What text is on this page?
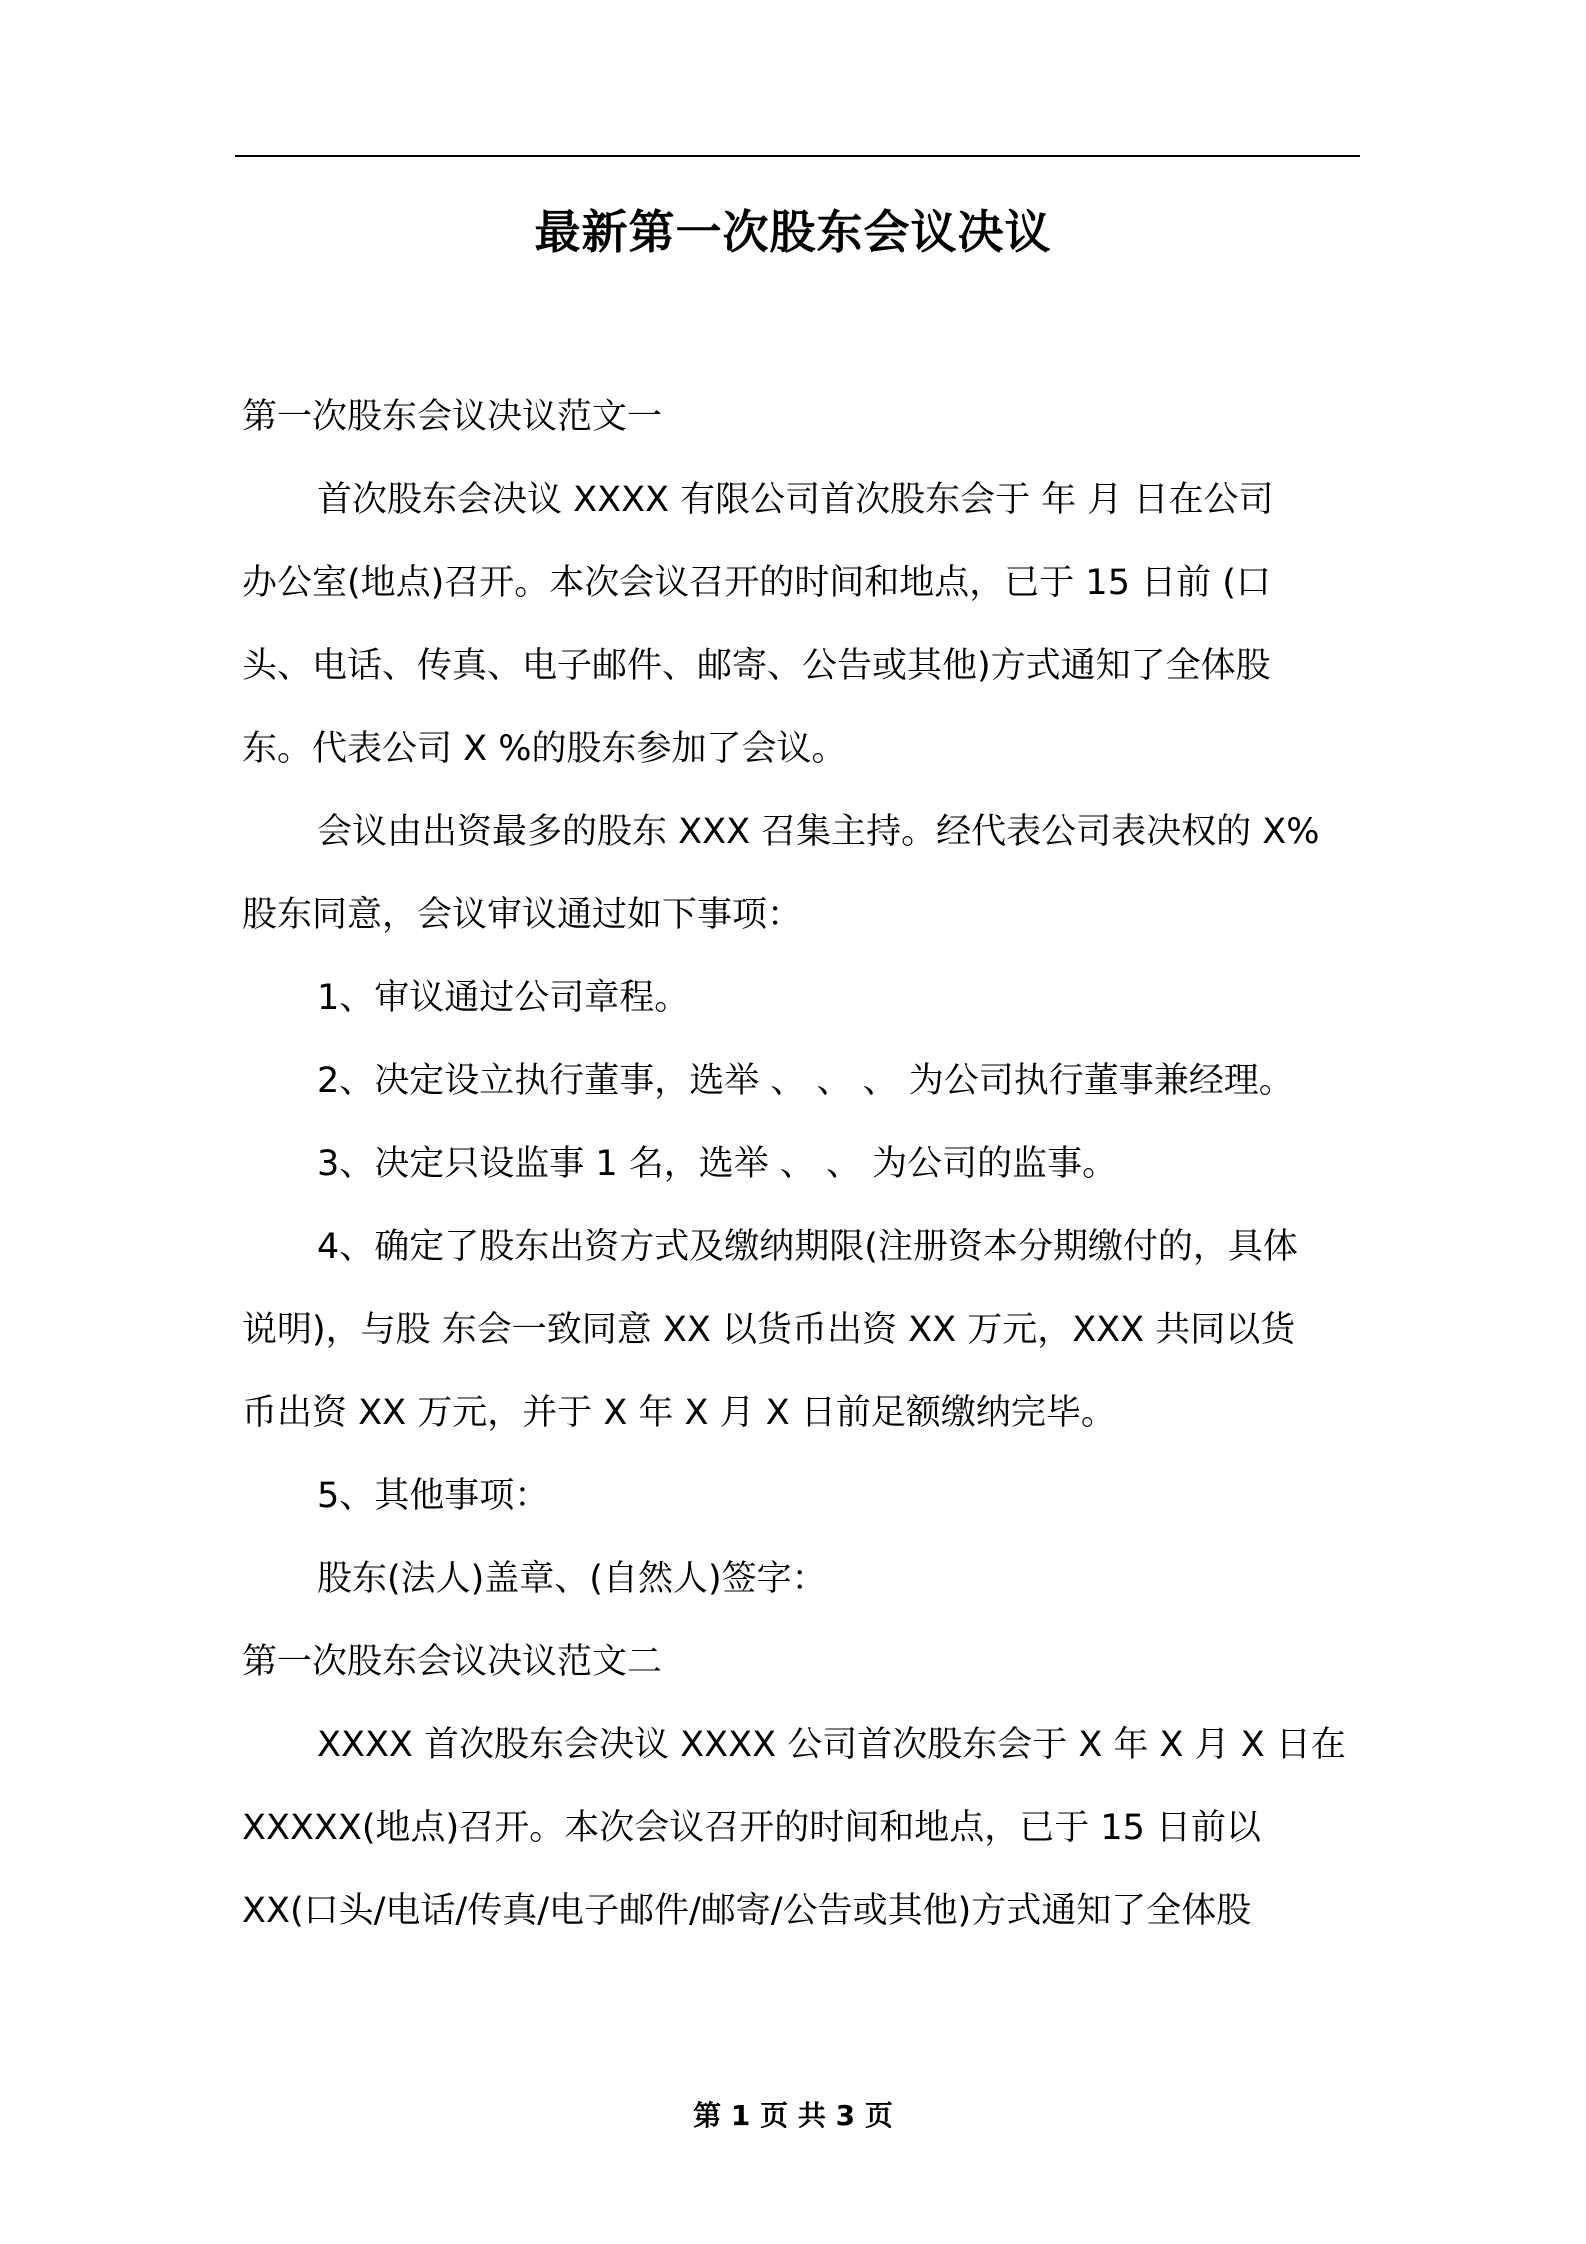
最新第一次股东会议决议
第一次股东会议决议范文一
首次股东会决议 XXXX 有限公司首次股东会于 年 月 日在公司
办公室(地点)召开。本次会议召开的时间和地点，已于 15 日前 (口
头、电话、传真、电子邮件、邮寄、公告或其他)方式通知了全体股
东。代表公司 X %的股东参加了会议。
会议由出资最多的股东 XXX 召集主持。经代表公司表决权的 X%
股东同意，会议审议通过如下事项：
1、审议通过公司章程。
2、决定设立执行董事，选举 、 、 、 为公司执行董事兼经理。
3、决定只设监事 1 名，选举 、 、 为公司的监事。
4、确定了股东出资方式及缴纳期限(注册资本分期缴付的，具体
说明)，与股 东会一致同意 XX 以货币出资 XX 万元，XXX 共同以货
币出资 XX 万元，并于 X 年 X 月 X 日前足额缴纳完毕。
5、其他事项：
股东(法人)盖章、(自然人)签字：
第一次股东会议决议范文二
XXXX 首次股东会决议 XXXX 公司首次股东会于 X 年 X 月 X 日在
XXXXX(地点)召开。本次会议召开的时间和地点，已于 15 日前以
XX(口头/电话/传真/电子邮件/邮寄/公告或其他)方式通知了全体股
第 1 页 共 3 页
